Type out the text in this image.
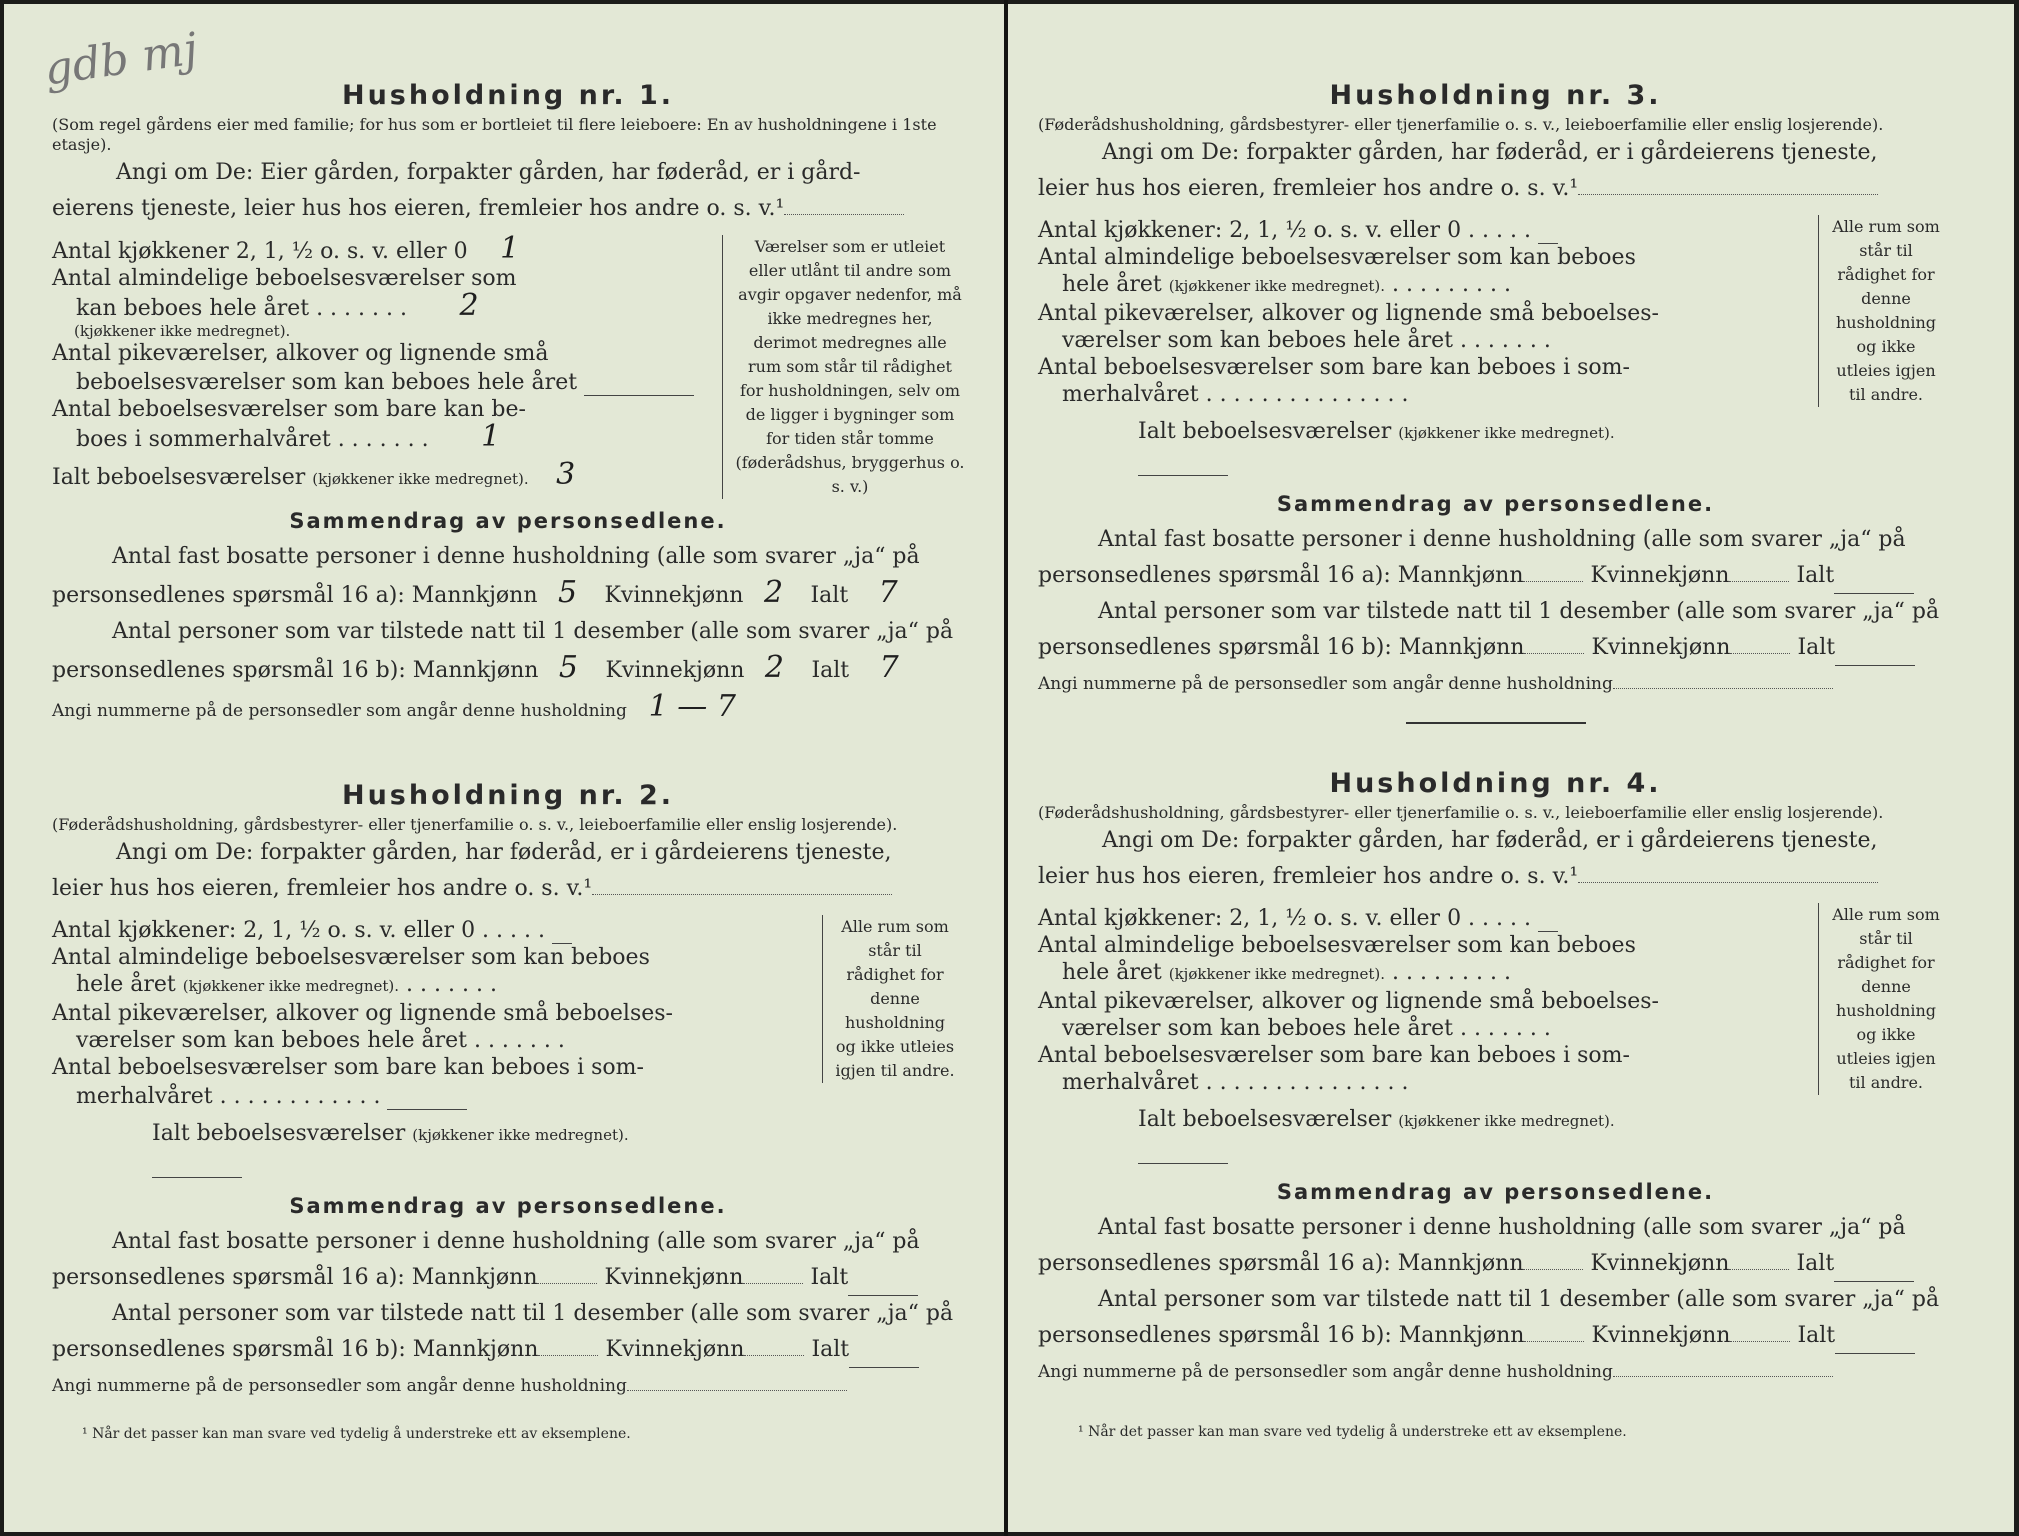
gdb mj
Husholdning nr. 1.

(Som regel gårdens eier med familie; for hus som er bortleiet til flere leieboere: En av husholdningene i 1ste etasje).

Angi om De: Eier gården, forpakter gården, har føderåd, er i gård-
eierens tjeneste, leier hus hos eieren, fremleier hos andre o. s. v.¹
Antal kjøkkener 2, 1, ½ o. s. v. eller 0 1
Antal almindelige beboelsesværelser som
kan beboes hele året . . . . . . . 2
(kjøkkener ikke medregnet).
Antal pikeværelser, alkover og lignende små
beboelsesværelser som kan beboes hele året
Antal beboelsesværelser som bare kan be-
boes i sommerhalvåret . . . . . . . 1
Ialt beboelsesværelser (kjøkkener ikke medregnet). 3
Værelser som er utleiet eller utlånt til andre som avgir opgaver nedenfor, må ikke medregnes her, derimot medregnes alle rum som står til rådighet for husholdningen, selv om de ligger i bygninger som for tiden står tomme (føderådshus, bryggerhus o. s. v.)
Sammendrag av personsedlene.
Antal fast bosatte personer i denne husholdning (alle som svarer „ja“ på
personsedlenes spørsmål 16 a): Mannkjønn 5 Kvinnekjønn 2 Ialt 7
Antal personer som var tilstede natt til 1 desember (alle som svarer „ja“ på
personsedlenes spørsmål 16 b): Mannkjønn 5 Kvinnekjønn 2 Ialt 7
Angi nummerne på de personsedler som angår denne husholdning 1 — 7
Husholdning nr. 2.

(Føderådshusholdning, gårdsbestyrer- eller tjenerfamilie o. s. v., leieboerfamilie eller enslig losjerende).

Angi om De: forpakter gården, har føderåd, er i gårdeierens tjeneste,
leier hus hos eieren, fremleier hos andre o. s. v.¹
Antal kjøkkener: 2, 1, ½ o. s. v. eller 0 . . . . .
Antal almindelige beboelsesværelser som kan beboes
hele året (kjøkkener ikke medregnet). . . . . . . .
Antal pikeværelser, alkover og lignende små beboelses-
værelser som kan beboes hele året . . . . . . .
Antal beboelsesværelser som bare kan beboes i som-
merhalvåret . . . . . . . . . . . .
Ialt beboelsesværelser (kjøkkener ikke medregnet).
Alle rum som står til rådighet for denne husholdning og ikke utleies igjen til andre.
Sammendrag av personsedlene.
Antal fast bosatte personer i denne husholdning (alle som svarer „ja“ på
personsedlenes spørsmål 16 a): Mannkjønn	Kvinnekjønn	Ialt
Antal personer som var tilstede natt til 1 desember (alle som svarer „ja“ på
personsedlenes spørsmål 16 b): Mannkjønn	Kvinnekjønn	Ialt
Angi nummerne på de personsedler som angår denne husholdning
¹ Når det passer kan man svare ved tydelig å understreke ett av eksemplene.
Husholdning nr. 3.

(Føderådshusholdning, gårdsbestyrer- eller tjenerfamilie o. s. v., leieboerfamilie eller enslig losjerende).

Angi om De: forpakter gården, har føderåd, er i gårdeierens tjeneste,
leier hus hos eieren, fremleier hos andre o. s. v.¹
Antal kjøkkener: 2, 1, ½ o. s. v. eller 0 . . . . .
Antal almindelige beboelsesværelser som kan beboes
hele året (kjøkkener ikke medregnet). . . . . . . . . .
Antal pikeværelser, alkover og lignende små beboelses-
værelser som kan beboes hele året . . . . . . .
Antal beboelsesværelser som bare kan beboes i som-
merhalvåret . . . . . . . . . . . . . . .
Ialt beboelsesværelser (kjøkkener ikke medregnet).
Alle rum som står til rådighet for denne husholdning og ikke utleies igjen til andre.
Sammendrag av personsedlene.
Antal fast bosatte personer i denne husholdning (alle som svarer „ja“ på
personsedlenes spørsmål 16 a): Mannkjønn	Kvinnekjønn	Ialt
Antal personer som var tilstede natt til 1 desember (alle som svarer „ja“ på
personsedlenes spørsmål 16 b): Mannkjønn	Kvinnekjønn	Ialt
Angi nummerne på de personsedler som angår denne husholdning
Husholdning nr. 4.

(Føderådshusholdning, gårdsbestyrer- eller tjenerfamilie o. s. v., leieboerfamilie eller enslig losjerende).

Angi om De: forpakter gården, har føderåd, er i gårdeierens tjeneste,
leier hus hos eieren, fremleier hos andre o. s. v.¹
Antal kjøkkener: 2, 1, ½ o. s. v. eller 0 . . . . .
Antal almindelige beboelsesværelser som kan beboes
hele året (kjøkkener ikke medregnet). . . . . . . . . .
Antal pikeværelser, alkover og lignende små beboelses-
værelser som kan beboes hele året . . . . . . .
Antal beboelsesværelser som bare kan beboes i som-
merhalvåret . . . . . . . . . . . . . . .
Ialt beboelsesværelser (kjøkkener ikke medregnet).
Alle rum som står til rådighet for denne husholdning og ikke utleies igjen til andre.
Sammendrag av personsedlene.
Antal fast bosatte personer i denne husholdning (alle som svarer „ja“ på
personsedlenes spørsmål 16 a): Mannkjønn	Kvinnekjønn	Ialt
Antal personer som var tilstede natt til 1 desember (alle som svarer „ja“ på
personsedlenes spørsmål 16 b): Mannkjønn	Kvinnekjønn	Ialt
Angi nummerne på de personsedler som angår denne husholdning
¹ Når det passer kan man svare ved tydelig å understreke ett av eksemplene.
